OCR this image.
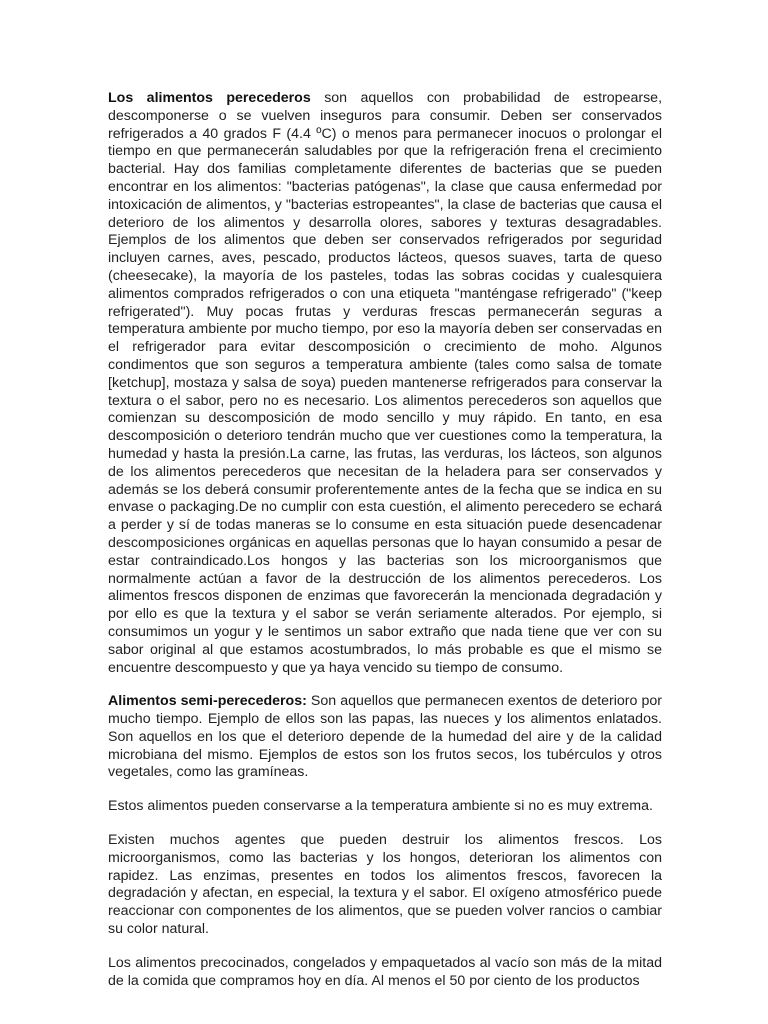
Los alimentos perecederos son aquellos con probabilidad de estropearse, descomponerse o se vuelven inseguros para consumir. Deben ser conservados refrigerados a 40 grados F (4.4 ºC) o menos para permanecer inocuos o prolongar el tiempo en que permanecerán saludables por que la refrigeración frena el crecimiento bacterial. Hay dos familias completamente diferentes de bacterias que se pueden encontrar en los alimentos: "bacterias patógenas", la clase que causa enfermedad por intoxicación de alimentos, y "bacterias estropeantes", la clase de bacterias que causa el deterioro de los alimentos y desarrolla olores, sabores y texturas desagradables. Ejemplos de los alimentos que deben ser conservados refrigerados por seguridad incluyen carnes, aves, pescado, productos lácteos, quesos suaves, tarta de queso (cheesecake), la mayoría de los pasteles, todas las sobras cocidas y cualesquiera alimentos comprados refrigerados o con una etiqueta "manténgase refrigerado" ("keep refrigerated"). Muy pocas frutas y verduras frescas permanecerán seguras a temperatura ambiente por mucho tiempo, por eso la mayoría deben ser conservadas en el refrigerador para evitar descomposición o crecimiento de moho. Algunos condimentos que son seguros a temperatura ambiente (tales como salsa de tomate [ketchup], mostaza y salsa de soya) pueden mantenerse refrigerados para conservar la textura o el sabor, pero no es necesario. Los alimentos perecederos son aquellos que comienzan su descomposición de modo sencillo y muy rápido. En tanto, en esa descomposición o deterioro tendrán mucho que ver cuestiones como la temperatura, la humedad y hasta la presión.La carne, las frutas, las verduras, los lácteos, son algunos de los alimentos perecederos que necesitan de la heladera para ser conservados y además se los deberá consumir proferentemente antes de la fecha que se indica en su envase o packaging.De no cumplir con esta cuestión, el alimento perecedero se echará a perder y sí de todas maneras se lo consume en esta situación puede desencadenar descomposiciones orgánicas en aquellas personas que lo hayan consumido a pesar de estar contraindicado.Los hongos y las bacterias son los microorganismos que normalmente actúan a favor de la destrucción de los alimentos perecederos. Los alimentos frescos disponen de enzimas que favorecerán la mencionada degradación y por ello es que la textura y el sabor se verán seriamente alterados. Por ejemplo, si consumimos un yogur y le sentimos un sabor extraño que nada tiene que ver con su sabor original al que estamos acostumbrados, lo más probable es que el mismo se encuentre descompuesto y que ya haya vencido su tiempo de consumo.

Alimentos semi-perecederos: Son aquellos que permanecen exentos de deterioro por mucho tiempo. Ejemplo de ellos son las papas, las nueces y los alimentos enlatados. Son aquellos en los que el deterioro depende de la humedad del aire y de la calidad microbiana del mismo. Ejemplos de estos son los frutos secos, los tubérculos y otros vegetales, como las gramíneas.

Estos alimentos pueden conservarse a la temperatura ambiente si no es muy extrema.

Existen muchos agentes que pueden destruir los alimentos frescos. Los microorganismos, como las bacterias y los hongos, deterioran los alimentos con rapidez. Las enzimas, presentes en todos los alimentos frescos, favorecen la degradación y afectan, en especial, la textura y el sabor. El oxígeno atmosférico puede reaccionar con componentes de los alimentos, que se pueden volver rancios o cambiar su color natural.

Los alimentos precocinados, congelados y empaquetados al vacío son más de la mitad de la comida que compramos hoy en día. Al menos el 50 por ciento de los productos
